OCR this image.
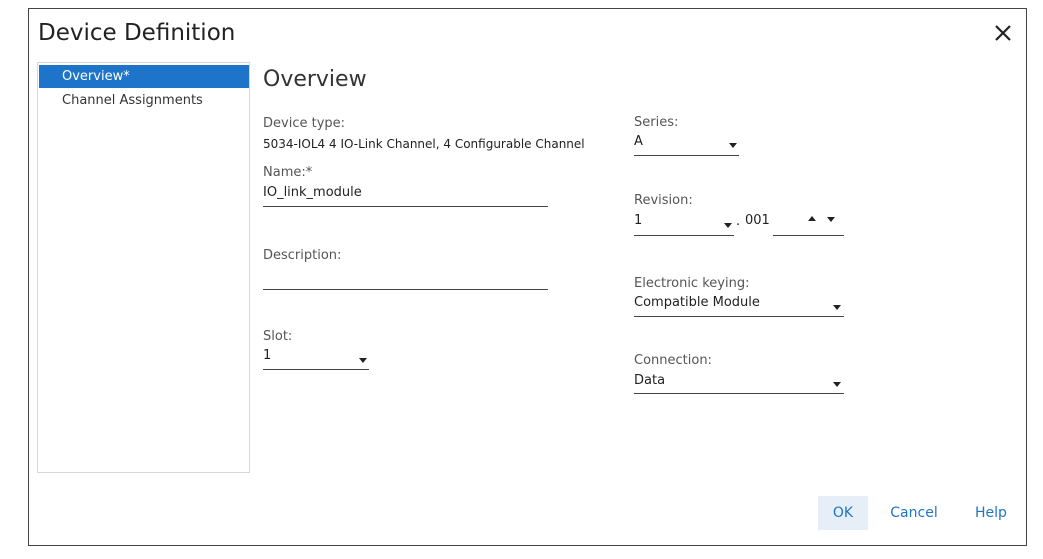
Device Definition
Overview*
Channel Assignments
Overview
Device type:
5034-IOL4 4 IO-Link Channel, 4 Configurable Channel
Name:*
IO_link_module
Description:
Slot:
1
Series:
A
Revision:
1	. 001
Electronic keying:
Compatible Module
Connection:
Data
OK	Cancel	Help
